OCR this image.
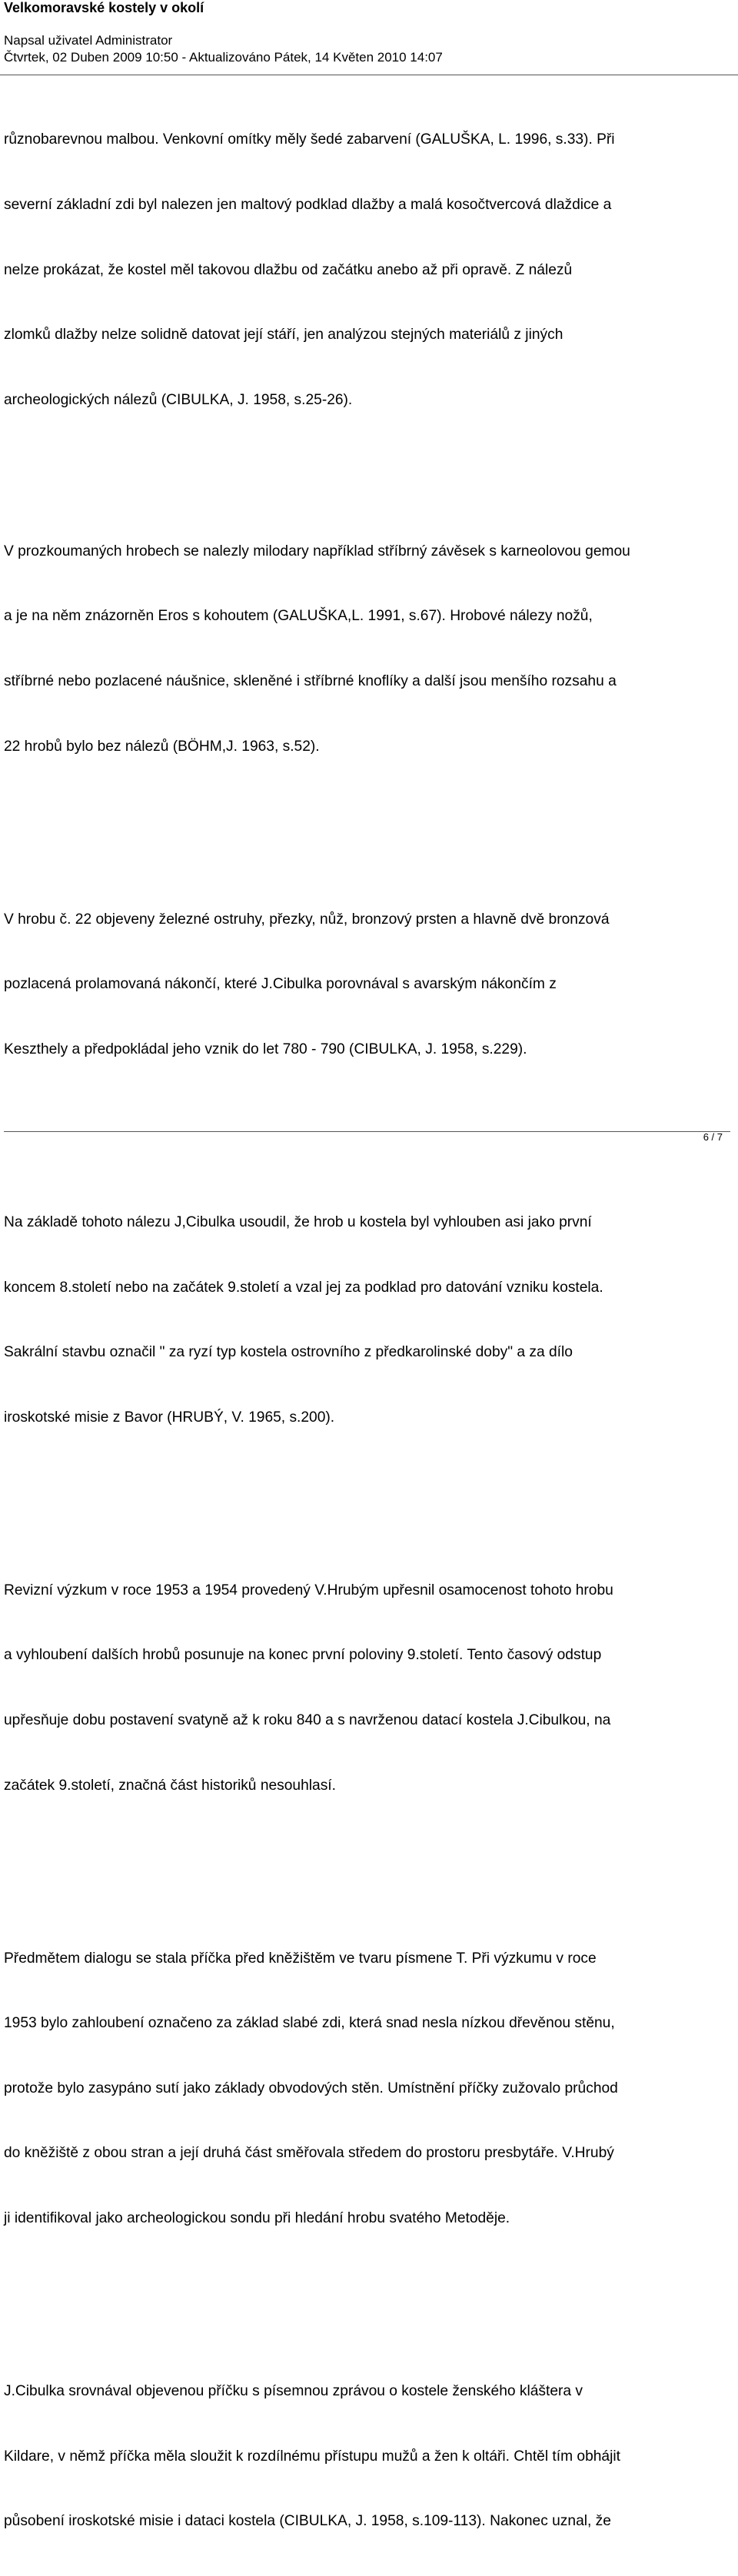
Velkomoravské kostely v okolí
Napsal uživatel Administrator
Čtvrtek, 02 Duben 2009 10:50 - Aktualizováno Pátek, 14 Květen 2010 14:07

různobarevnou malbou. Venkovní omítky měly šedé zabarvení (GALUŠKA, L. 1996, s.33). Při

severní základní zdi byl nalezen jen maltový podklad dlažby a malá kosočtvercová dlaždice a

nelze prokázat, že kostel měl takovou dlažbu od začátku anebo až při opravě. Z nálezů

zlomků dlažby nelze solidně datovat její stáří, jen analýzou stejných materiálů z jiných

archeologických nálezů (CIBULKA, J. 1958, s.25-26).

V prozkoumaných hrobech se nalezly milodary například stříbrný závěsek s karneolovou gemou

a je na něm znázorněn Eros s kohoutem (GALUŠKA,L. 1991, s.67). Hrobové nálezy nožů,

stříbrné nebo pozlacené náušnice, skleněné i stříbrné knoflíky a další jsou menšího rozsahu a

22 hrobů bylo bez nálezů (BÖHM,J. 1963, s.52).

V hrobu č. 22 objeveny železné ostruhy, přezky, nůž, bronzový prsten a hlavně dvě bronzová

pozlacená prolamovaná nákončí, které J.Cibulka porovnával s avarským nákončím z

Keszthely a předpokládal jeho vznik do let 780 - 790 (CIBULKA, J. 1958, s.229).

Na základě tohoto nálezu J,Cibulka usoudil, že hrob u kostela byl vyhlouben asi jako první

koncem 8.století nebo na začátek 9.století a vzal jej za podklad pro datování vzniku kostela.

Sakrální stavbu označil " za ryzí typ kostela ostrovního z předkarolinské doby" a za dílo

iroskotské misie z Bavor (HRUBÝ, V. 1965, s.200).

Revizní výzkum v roce 1953 a 1954 provedený V.Hrubým upřesnil osamocenost tohoto hrobu

a vyhloubení dalších hrobů posunuje na konec první poloviny 9.století. Tento časový odstup

upřesňuje dobu postavení svatyně až k roku 840 a s navrženou datací kostela J.Cibulkou, na

začátek 9.století, značná část historiků nesouhlasí.

Předmětem dialogu se stala příčka před kněžištěm ve tvaru písmene T. Při výzkumu v roce

1953 bylo zahloubení označeno za základ slabé zdi, která snad nesla nízkou dřevěnou stěnu,

protože bylo zasypáno sutí jako základy obvodových stěn. Umístnění příčky zužovalo průchod

do kněžiště z obou stran a její druhá část směřovala středem do prostoru presbytáře. V.Hrubý

ji identifikoval jako archeologickou sondu při hledání hrobu svatého Metoděje.

J.Cibulka srovnával objevenou příčku s písemnou zprávou o kostele ženského kláštera v

Kildare, v němž příčka měla sloužit k rozdílnému přístupu mužů a žen k oltáři. Chtěl tím obhájit

působení iroskotské misie i dataci kostela (CIBULKA, J. 1958, s.109-113). Nakonec uznal, že

6 / 7
